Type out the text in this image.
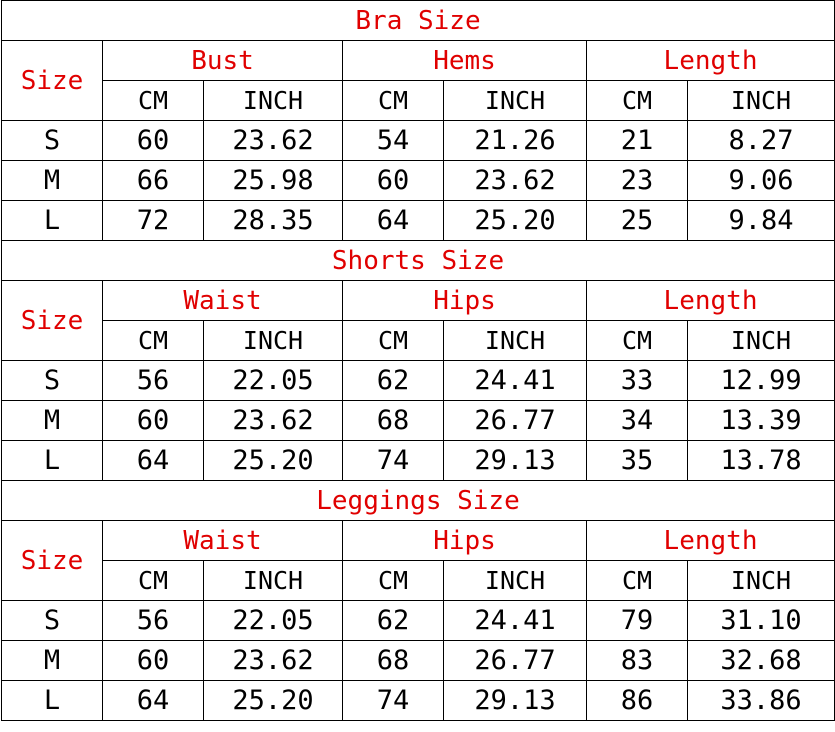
Bra Size						
Size	Bust		Hems		Length	
	CM	INCH	CM	INCH	CM	INCH
S	60	23.62	54	21.26	21	8.27
M	66	25.98	60	23.62	23	9.06
L	72	28.35	64	25.20	25	9.84
Shorts Size						
Size	Waist		Hips		Length	
	CM	INCH	CM	INCH	CM	INCH
S	56	22.05	62	24.41	33	12.99
M	60	23.62	68	26.77	34	13.39
L	64	25.20	74	29.13	35	13.78
Leggings Size						
Size	Waist		Hips		Length	
	CM	INCH	CM	INCH	CM	INCH
S	56	22.05	62	24.41	79	31.10
M	60	23.62	68	26.77	83	32.68
L	64	25.20	74	29.13	86	33.86
